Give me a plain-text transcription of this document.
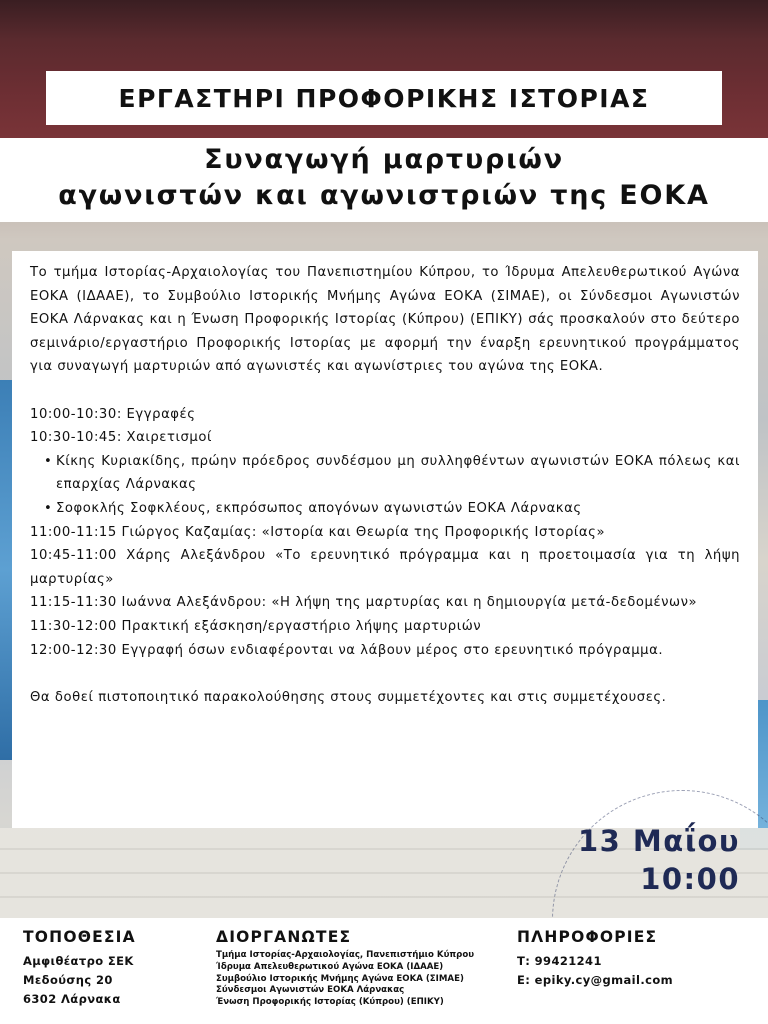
ΕΡΓΑΣΤΗΡΙ ΠΡΟΦΟΡΙΚΗΣ ΙΣΤΟΡΙΑΣ
Συναγωγή μαρτυριών
αγωνιστών και αγωνιστριών της ΕΟΚΑ

Το τμήμα Ιστορίας-Αρχαιολογίας του Πανεπιστημίου Κύπρου, το Ίδρυμα Απελευθερωτικού Αγώνα ΕΟΚΑ (ΙΔΑΑΕ), το Συμβούλιο Ιστορικής Μνήμης Αγώνα ΕΟΚΑ (ΣΙΜΑΕ), οι Σύνδεσμοι Αγωνιστών ΕΟΚΑ Λάρνακας και η Ένωση Προφορικής Ιστορίας (Κύπρου) (ΕΠΙΚΥ) σάς προσκαλούν στο δεύτερο σεμινάριο/εργαστήριο Προφορικής Ιστορίας με αφορμή την έναρξη ερευνητικού προγράμματος για συναγωγή μαρτυριών από αγωνιστές και αγωνίστριες του αγώνα της ΕΟΚΑ.

10:00-10:30: Εγγραφές
10:30-10:45: Χαιρετισμοί
• Κίκης Κυριακίδης, πρώην πρόεδρος συνδέσμου μη συλληφθέντων αγωνιστών ΕΟΚΑ πόλεως και επαρχίας Λάρνακας
• Σοφοκλής Σοφκλέους, εκπρόσωπος απογόνων αγωνιστών ΕΟΚΑ Λάρνακας
11:00-11:15 Γιώργος Καζαμίας: «Ιστορία και Θεωρία της Προφορικής Ιστορίας»
10:45-11:00 Χάρης Αλεξάνδρου «Το ερευνητικό πρόγραμμα και η προετοιμασία για τη λήψη μαρτυρίας»
11:15-11:30 Ιωάννα Αλεξάνδρου: «Η λήψη της μαρτυρίας και η δημιουργία μετά-δεδομένων»
11:30-12:00 Πρακτική εξάσκηση/εργαστήριο λήψης μαρτυριών
12:00-12:30 Εγγραφή όσων ενδιαφέρονται να λάβουν μέρος στο ερευνητικό πρόγραμμα.

Θα δοθεί πιστοποιητικό παρακολούθησης στους συμμετέχοντες και στις συμμετέχουσες.

13 Μαΐου
10:00
ΤΟΠΟΘΕΣΙΑ
Αμφιθέατρο ΣΕΚ
Μεδούσης 20
6302 Λάρνακα
ΔΙΟΡΓΑΝΩΤΕΣ
Τμήμα Ιστορίας-Αρχαιολογίας, Πανεπιστήμιο Κύπρου
Ίδρυμα Απελευθερωτικού Αγώνα ΕΟΚΑ (ΙΔΑΑΕ)
Συμβούλιο Ιστορικής Μνήμης Αγώνα ΕΟΚΑ (ΣΙΜΑΕ)
Σύνδεσμοι Αγωνιστών ΕΟΚΑ Λάρνακας
Ένωση Προφορικής Ιστορίας (Κύπρου) (ΕΠΙΚΥ)
ΠΛΗΡΟΦΟΡΙΕΣ
Τ: 99421241
E: epiky.cy@gmail.com
